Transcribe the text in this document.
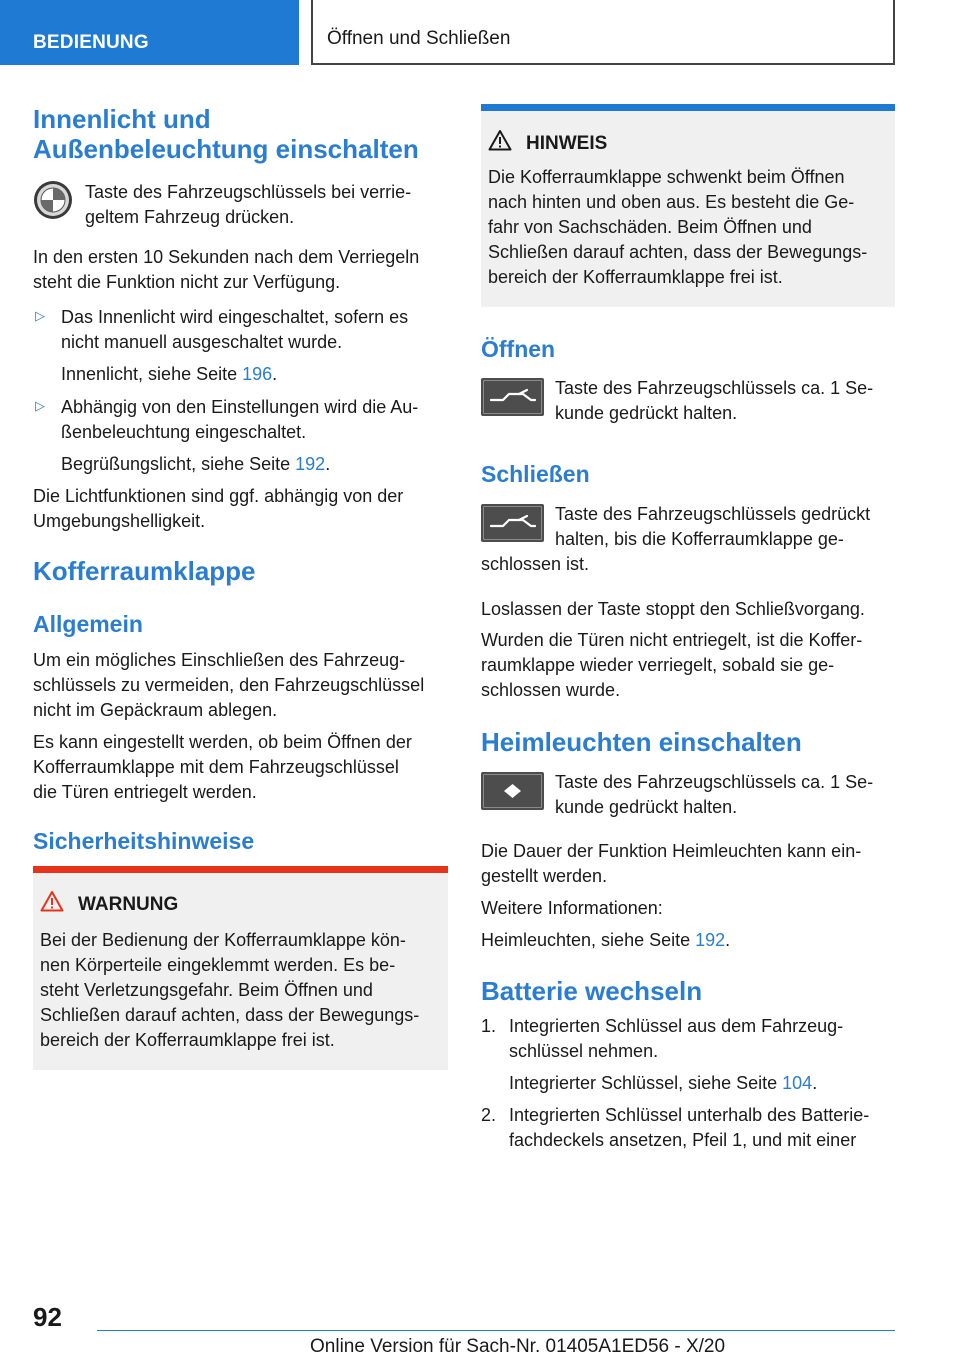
BEDIENUNG	Öffnen und Schließen
Innenlicht und
Außenbeleuchtung einschalten
Taste des Fahrzeugschlüssels bei verrie-
geltem Fahrzeug drücken.
In den ersten 10 Sekunden nach dem Verriegeln
steht die Funktion nicht zur Verfügung.
▷ Das Innenlicht wird eingeschaltet, sofern es
nicht manuell ausgeschaltet wurde.
Innenlicht, siehe Seite 196.
▷ Abhängig von den Einstellungen wird die Au-
ßenbeleuchtung eingeschaltet.
Begrüßungslicht, siehe Seite 192.
Die Lichtfunktionen sind ggf. abhängig von der
Umgebungshelligkeit.
Kofferraumklappe
Allgemein
Um ein mögliches Einschließen des Fahrzeug-
schlüssels zu vermeiden, den Fahrzeugschlüssel
nicht im Gepäckraum ablegen.
Es kann eingestellt werden, ob beim Öffnen der
Kofferraumklappe mit dem Fahrzeugschlüssel
die Türen entriegelt werden.
Sicherheitshinweise
WARNUNG
Bei der Bedienung der Kofferraumklappe kön-
nen Körperteile eingeklemmt werden. Es be-
steht Verletzungsgefahr. Beim Öffnen und
Schließen darauf achten, dass der Bewegungs-
bereich der Kofferraumklappe frei ist.
HINWEIS
Die Kofferraumklappe schwenkt beim Öffnen
nach hinten und oben aus. Es besteht die Ge-
fahr von Sachschäden. Beim Öffnen und
Schließen darauf achten, dass der Bewegungs-
bereich der Kofferraumklappe frei ist.
Öffnen
Taste des Fahrzeugschlüssels ca. 1 Se-
kunde gedrückt halten.
Schließen
Taste des Fahrzeugschlüssels gedrückt
halten, bis die Kofferraumklappe ge-
schlossen ist.
Loslassen der Taste stoppt den Schließvorgang.
Wurden die Türen nicht entriegelt, ist die Koffer-
raumklappe wieder verriegelt, sobald sie ge-
schlossen wurde.
Heimleuchten einschalten
Taste des Fahrzeugschlüssels ca. 1 Se-
kunde gedrückt halten.
Die Dauer der Funktion Heimleuchten kann ein-
gestellt werden.
Weitere Informationen:
Heimleuchten, siehe Seite 192.
Batterie wechseln
1. Integrierten Schlüssel aus dem Fahrzeug-
schlüssel nehmen.
Integrierter Schlüssel, siehe Seite 104.
2. Integrierten Schlüssel unterhalb des Batterie-
fachdeckels ansetzen, Pfeil 1, und mit einer
92
Online Version für Sach-Nr. 01405A1ED56 - X/20
